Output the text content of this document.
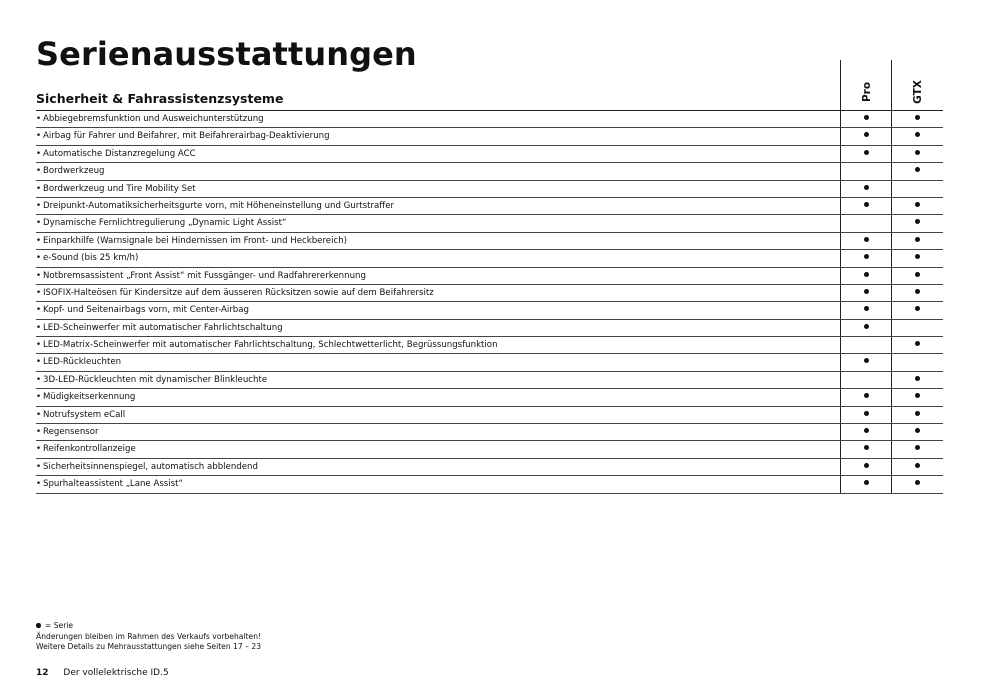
Serienausstattungen
Sicherheit & Fahrassistenzsysteme	Pro	GTX
• Abbiegebremsfunktion und Ausweichunterstützung
• Airbag für Fahrer und Beifahrer, mit Beifahrerairbag-Deaktivierung
• Automatische Distanzregelung ACC
• Bordwerkzeug
• Bordwerkzeug und Tire Mobility Set
• Dreipunkt-Automatiksicherheitsgurte vorn, mit Höheneinstellung und Gurtstraffer
• Dynamische Fernlichtregulierung „Dynamic Light Assist“
• Einparkhilfe (Warnsignale bei Hindernissen im Front- und Heckbereich)
• e-Sound (bis 25 km/h)
• Notbremsassistent „Front Assist“ mit Fussgänger- und Radfahrererkennung
• ISOFIX-Halteösen für Kindersitze auf dem äusseren Rücksitzen sowie auf dem Beifahrersitz
• Kopf- und Seitenairbags vorn, mit Center-Airbag
• LED-Scheinwerfer mit automatischer Fahrlichtschaltung
• LED-Matrix-Scheinwerfer mit automatischer Fahrlichtschaltung, Schlechtwetterlicht, Begrüssungsfunktion
• LED-Rückleuchten
• 3D-LED-Rückleuchten mit dynamischer Blinkleuchte
• Müdigkeitserkennung
• Notrufsystem eCall
• Regensensor
• Reifenkontrollanzeige
• Sicherheitsinnenspiegel, automatisch abblendend
• Spurhalteassistent „Lane Assist“
= Serie
Änderungen bleiben im Rahmen des Verkaufs vorbehalten!
Weitere Details zu Mehrausstattungen siehe Seiten 17 – 23
12 Der vollelektrische ID.5
